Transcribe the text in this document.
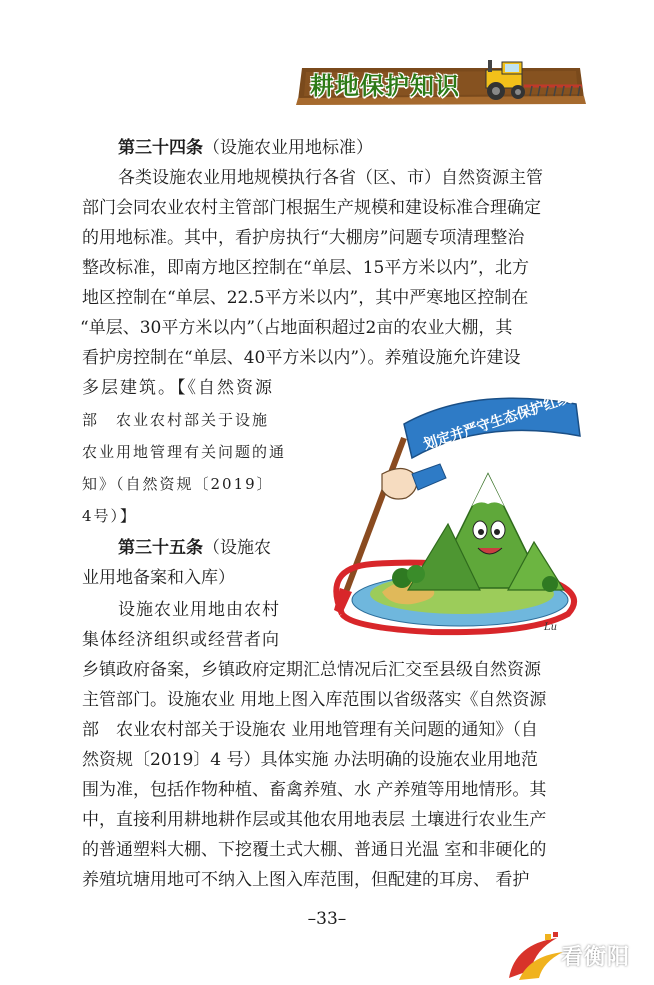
耕地保护知识
第三十四条（设施农业用地标准）
各类设施农业用地规模执行各省（区、市）自然资源主管
部门会同农业农村主管部门根据生产规模和建设标准合理确定
的用地标准。其中，看护房执行“大棚房”问题专项清理整治
整改标准，即南方地区控制在“单层、15平方米以内”，北方
地区控制在“单层、22.5平方米以内”，其中严寒地区控制在
“单层、30平方米以内”（占地面积超过2亩的农业大棚，其
看护房控制在“单层、40平方米以内”）。养殖设施允许建设
多层建筑。【《自然资源
部　农业农村部关于设施
农业用地管理有关问题的通
知》（自然资规〔2019〕
4号）】
第三十五条（设施农
业用地备案和入库）
设施农业用地由农村
集体经济组织或经营者向
乡镇政府备案，乡镇政府定期汇总情况后汇交至县级自然资源
主管部门。设施农业 用地上图入库范围以省级落实《自然资源
部　农业农村部关于设施农 业用地管理有关问题的通知》（自
然资规〔2019〕4 号）具体实施 办法明确的设施农业用地范
围为准，包括作物种植、畜禽养殖、水 产养殖等用地情形。其
中，直接利用耕地耕作层或其他农用地表层 土壤进行农业生产
的普通塑料大棚、下挖覆土式大棚、普通日光温 室和非硬化的
养殖坑塘用地可不纳入上图入库范围，但配建的耳房、 看护
划定并严守生态保护红线
Lu
–33–
看衡阳
